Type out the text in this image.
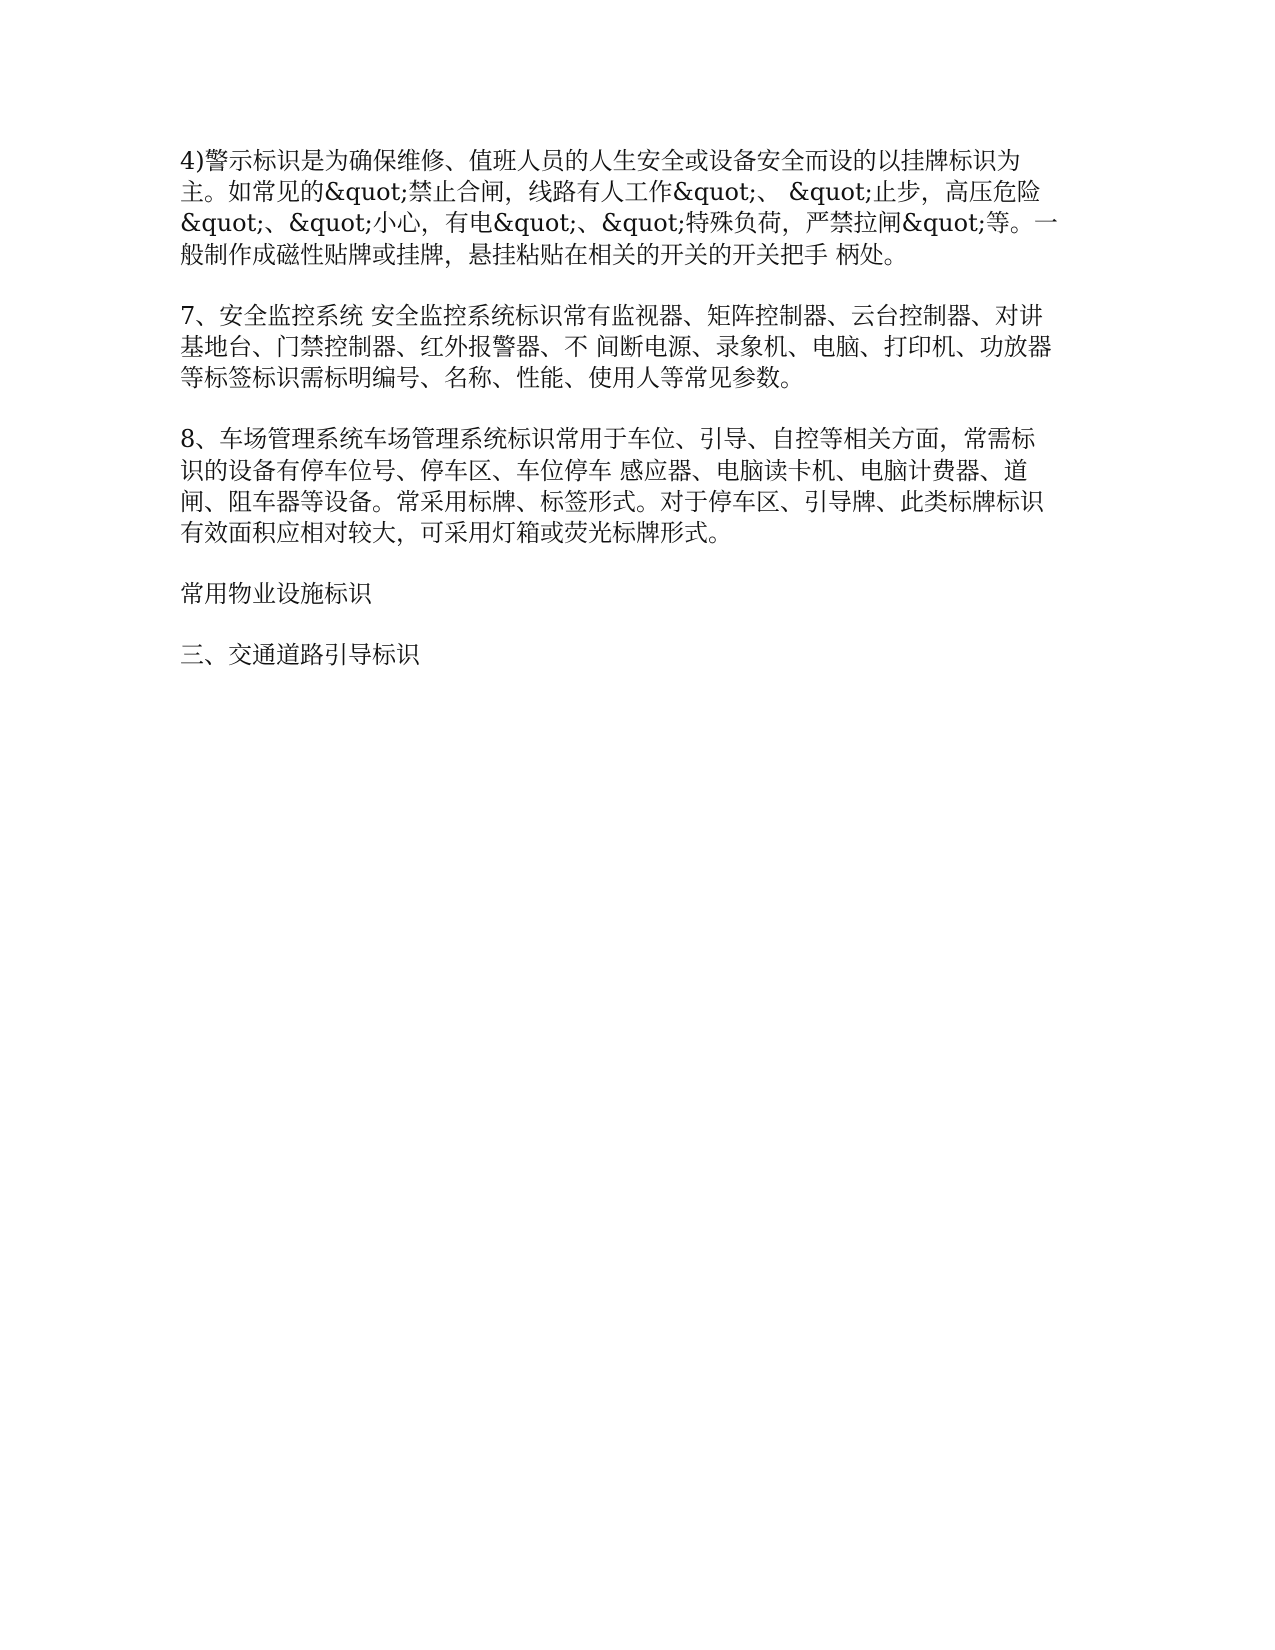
4)警示标识是为确保维修、值班人员的人生安全或设备安全而设的以挂牌标识为主。如常见的&quot;禁止合闸，线路有人工作&quot;、 &quot;止步，高压危险&quot;、&quot;小心，有电&quot;、&quot;特殊负荷，严禁拉闸&quot;等。一般制作成磁性贴牌或挂牌，悬挂粘贴在相关的开关的开关把手 柄处。

7、安全监控系统 安全监控系统标识常有监视器、矩阵控制器、云台控制器、对讲基地台、门禁控制器、红外报警器、不 间断电源、录象机、电脑、打印机、功放器等标签标识需标明编号、名称、性能、使用人等常见参数。

8、车场管理系统车场管理系统标识常用于车位、引导、自控等相关方面，常需标识的设备有停车位号、停车区、车位停车 感应器、电脑读卡机、电脑计费器、道闸、阻车器等设备。常采用标牌、标签形式。对于停车区、引导牌、此类标牌标识有效面积应相对较大，可采用灯箱或荧光标牌形式。

常用物业设施标识

三、交通道路引导标识
